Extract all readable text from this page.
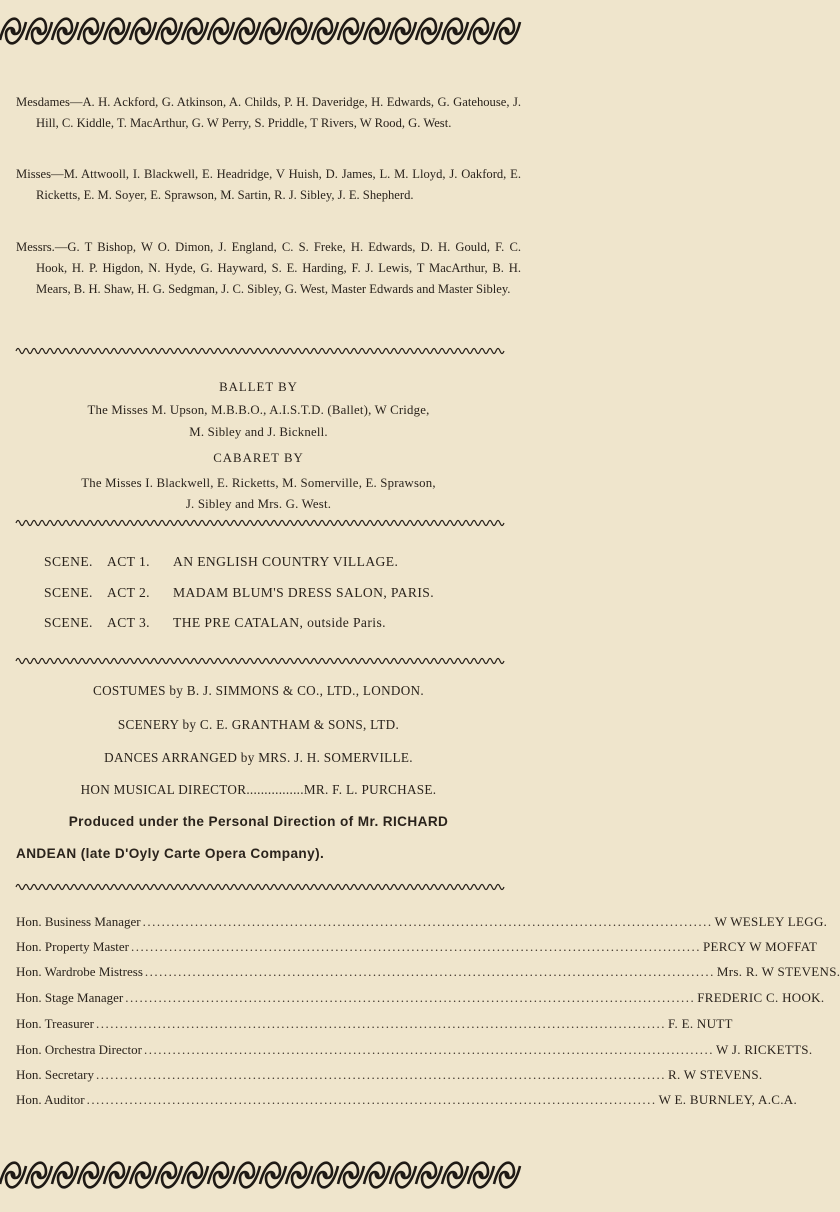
Mesdames—A. H. Ackford, G. Atkinson, A. Childs, P. H. Daveridge, H. Edwards, G. Gatehouse, J. Hill, C. Kiddle, T. MacArthur, G. W Perry, S. Priddle, T Rivers, W Rood, G. West.
Misses—M. Attwooll, I. Blackwell, E. Headridge, V Huish, D. James, L. M. Lloyd, J. Oakford, E. Ricketts, E. M. Soyer, E. Sprawson, M. Sartin, R. J. Sibley, J. E. Shepherd.
Messrs.—G. T Bishop, W O. Dimon, J. England, C. S. Freke, H. Edwards, D. H. Gould, F. C. Hook, H. P. Higdon, N. Hyde, G. Hayward, S. E. Harding, F. J. Lewis, T MacArthur, B. H. Mears, B. H. Shaw, H. G. Sedgman, J. C. Sibley, G. West, Master Edwards and Master Sibley.
BALLET BY
The Misses M. Upson, M.B.B.O., A.I.S.T.D. (Ballet), W Cridge,
M. Sibley and J. Bicknell.
CABARET BY
The Misses I. Blackwell, E. Ricketts, M. Somerville, E. Sprawson,
J. Sibley and Mrs. G. West.
SCENE. ACT 1. AN ENGLISH COUNTRY VILLAGE.
SCENE. ACT 2. MADAM BLUM'S DRESS SALON, PARIS.
SCENE. ACT 3. THE PRE CATALAN, outside Paris.
COSTUMES by B. J. SIMMONS & CO., LTD., LONDON.
SCENERY by C. E. GRANTHAM & SONS, LTD.
DANCES ARRANGED by MRS. J. H. SOMERVILLE.
HON MUSICAL DIRECTOR................MR. F. L. PURCHASE.
Produced under the Personal Direction of Mr. RICHARD
ANDEAN (late D'Oyly Carte Opera Company).
Hon. Business Manager ........................................................................................................................ W WESLEY LEGG.
Hon. Property Master ........................................................................................................................ PERCY W MOFFAT
Hon. Wardrobe Mistress ........................................................................................................................ Mrs. R. W STEVENS.
Hon. Stage Manager ........................................................................................................................ FREDERIC C. HOOK.
Hon. Treasurer ........................................................................................................................ F. E. NUTT
Hon. Orchestra Director ........................................................................................................................ W J. RICKETTS.
Hon. Secretary ........................................................................................................................ R. W STEVENS.
Hon. Auditor ........................................................................................................................ W E. BURNLEY, A.C.A.
